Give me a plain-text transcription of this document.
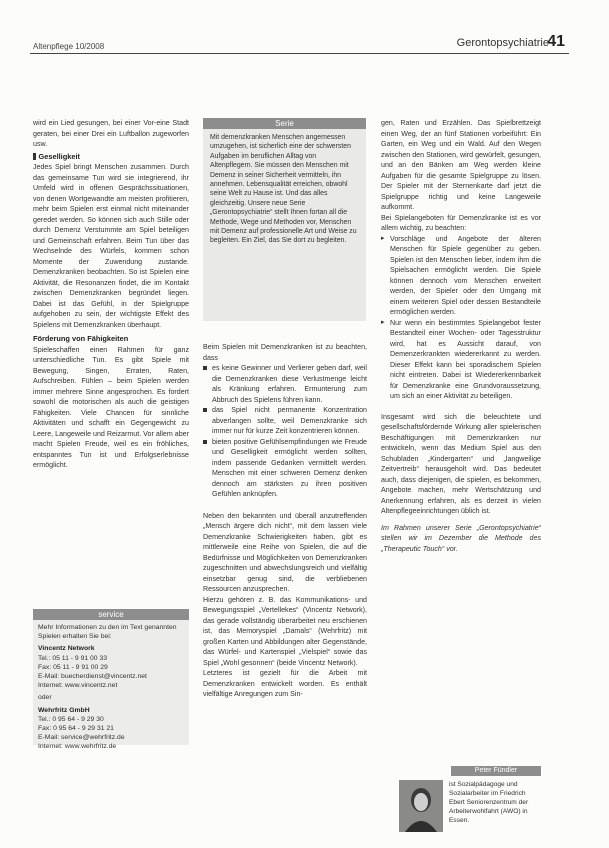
Altenpflege 10/2008	Gerontopsychiatrie
41

wird ein Lied gesungen, bei einer Vor-eine Stadt geraten, bei einer Drei ein Luftballon zugeworfen usw.

Geselligkeit

Jedes Spiel bringt Menschen zusammen. Durch das gemeinsame Tun wird sie integrierend, ihr Umfeld wird in offenen Gesprächssituationen, von denen Wortgewandte am meisten profitieren, mehr beim Spielen erst einmal nicht miteinander geredet werden. So können sich auch Stille oder durch Demenz Verstummte am Spiel beteiligen und Gemeinschaft erfahren. Beim Tun über das Wechselnde des Würfels, kommen schon Momente der Zuwendung zustande. Demenzkranken beobachten. So ist Spielen eine Aktivität, die Resonanzen findet, die im Kontakt zwischen Demenzkranken begründet liegen. Dabei ist das Gefühl, in der Spielgruppe aufgehoben zu sein, der wichtigste Effekt des Spielens mit Demenzkranken überhaupt.

Förderung von Fähigkeiten

Spieleschaffen einen Rahmen für ganz unterschiedliche Tun. Es gibt Spiele mit Bewegung, Singen, Erraten, Raten, Aufschreiben. Fühlen – beim Spielen werden immer mehrere Sinne angesprochen. Es fordert sowohl die motorischen als auch die geistigen Fähigkeiten. Viele Chancen für sinnliche Aktivitäten und schafft ein Gegengewicht zu Leere, Langeweile und Reizarmut. Vor allem aber macht Spielen Freude, weil es ein fröhliches, entspanntes Tun ist und Erfolgserlebnisse ermöglicht.

Serie
Mit demenzkranken Menschen angemessen umzugehen, ist sicherlich eine der schwersten Aufgaben im beruflichen Alltag von Altenpflegern. Sie müssen den Menschen mit Demenz in seiner Sicherheit vermitteln, ihn annehmen. Lebensqualität erreichen, obwohl seine Welt zu Hause ist. Und das alles gleichzeitig. Unsere neue Serie „Gerontopsychiatrie“ stellt Ihnen fortan all die Methode, Wege und Methoden vor, Menschen mit Demenz auf professionelle Art und Weise zu begleiten. Ein Ziel, das Sie dort zu begleiten.
service
Mehr Informationen zu den im Text genannten Spielen erhalten Sie bei:
Vincentz Network
Tel.: 05 11 - 9 91 00 33
Fax: 05 11 - 9 91 00 29
E-Mail: buecherdienst@vincentz.net
Internet: www.vincentz.net
oder
Wehrfritz GmbH
Tel.: 0 95 64 - 9 29 30
Fax: 0 95 64 - 9 29 31 21
E-Mail: service@wehrfritz.de
Internet: www.wehrfritz.de

Beim Spielen mit Demenzkranken ist zu beachten, dass

es keine Gewinner und Verlierer geben darf, weil die Demenzkranken diese Verlustmenge leicht als Kränkung erfahren. Ermunterung zum Abbruch des Spielens führen kann.
das Spiel nicht permanente Konzentration abverlangen sollte, weil Demenzkranke sich immer nur für kurze Zeit konzentrieren können.
bieten positive Gefühlsempfindungen wie Freude und Geselligkeit ermöglicht werden sollten, indem passende Gedanken vermittelt werden. Menschen mit einer schweren Demenz denken dennoch am stärksten zu ihren positiven Gefühlen anknüpfen.

Neben den bekannten und überall anzutreffenden „Mensch ärgere dich nicht“, mit dem lassen viele Demenzkranke Schwierigkeiten haben, gibt es mittlerweile eine Reihe von Spielen, die auf die Bedürfnisse und Möglichkeiten von Demenzkranken zugeschnitten und abwechslungsreich und vielfältig einsetzbar genug sind, die verbliebenen Ressourcen anzusprechen.

Hierzu gehören z. B. das Kommunikations- und Bewegungsspiel „Vertellekes“ (Vincentz Network), das gerade vollständig überarbeitet neu erschienen ist, das Memoryspiel „Damals“ (Wehrfritz) mit großen Karten und Abbildungen alter Gegenstände, das Würfel- und Kartenspiel „Vielspiel“ sowie das Spiel „Wohl gesonnen“ (beide Vincentz Network).

Letzteres ist gezielt für die Arbeit mit Demenzkranken entwickelt worden. Es enthält vielfältige Anregungen zum Sin-

gen, Raten und Erzählen. Das Spielbrettzeigt einen Weg, der an fünf Stationen vorbeiführt: Ein Garten, ein Weg und ein Wald. Auf den Wegen zwischen den Stationen, wird gewürfelt, gesungen, und an den Bänken am Weg werden kleine Aufgaben für die gesamte Spielgruppe zu lösen. Der Spieler mit der Sternenkarte darf jetzt die Spielgruppe richtig und keine Langeweile aufkommt.

Bei Spielangeboten für Demenzkranke ist es vor allem wichtig, zu beachten:

▸ Vorschläge und Angebote der älteren Menschen für Spiele gegenüber zu geben. Spielen ist den Menschen lieber, indem ihm die Spielsachen ermöglicht werden. Die Spiele können dennoch vom Menschen erweitert werden, der Spieler oder den Umgang mit einem weiteren Spiel oder dessen Bestandteile ermöglichen werden.
▸ Nur wenn ein bestimmtes Spielangebot fester Bestandteil einer Wochen- oder Tagesstruktur wird, hat es Aussicht darauf, von Demenzerkrankten wiedererkannt zu werden. Dieser Effekt kann bei sporadischem Spielen nicht eintreten. Dabei ist Wiedererkennbarkeit für Demenzkranke eine Grundvoraussetzung, um sich an einer Aktivität zu beteiligen.

Insgesamt wird sich die beleuchtete und gesellschaftsfördernde Wirkung aller spielerischen Beschäftigungen mit Demenzkranken nur entwickeln, wenn das Medium Spiel aus den Schubladen „Kindergarten“ und „langweilige Zeitvertreib“ herausgeholt wird. Das bedeutet auch, dass diejenigen, die spielen, es bekommen, Angebote machen, mehr Wertschätzung und Anerkennung erfahren, als es derzeit in vielen Altenpflegeeinrichtungen üblich ist.

Im Rahmen unserer Serie „Gerontopsychiatrie“ stellen wir im Dezember die Methode des „Therapeutic Touch“ vor.

Peter Fündler
ist Sozialpädagoge und Sozialarbeiter im Friedrich Ebert Seniorenzentrum der Arbeiterwohlfahrt (AWO) in Essen.
